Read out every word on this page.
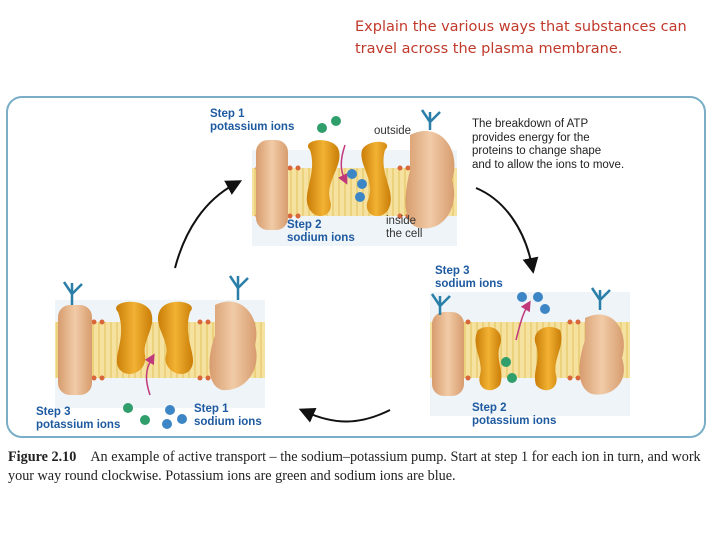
Explain the various ways that substances can
travel across the plasma membrane.
Step 1
potassium ions	outside
Step 2
sodium ions
inside
the cell
The breakdown of ATP
provides energy for the
proteins to change shape
and to allow the ions to move.
Step 3
sodium ions
Step 2
potassium ions
Step 3
potassium ions
Step 1
sodium ions
Figure 2.10 An example of active transport – the sodium–potassium pump. Start at step 1 for each ion in turn, and work your way round clockwise. Potassium ions are green and sodium ions are blue.
